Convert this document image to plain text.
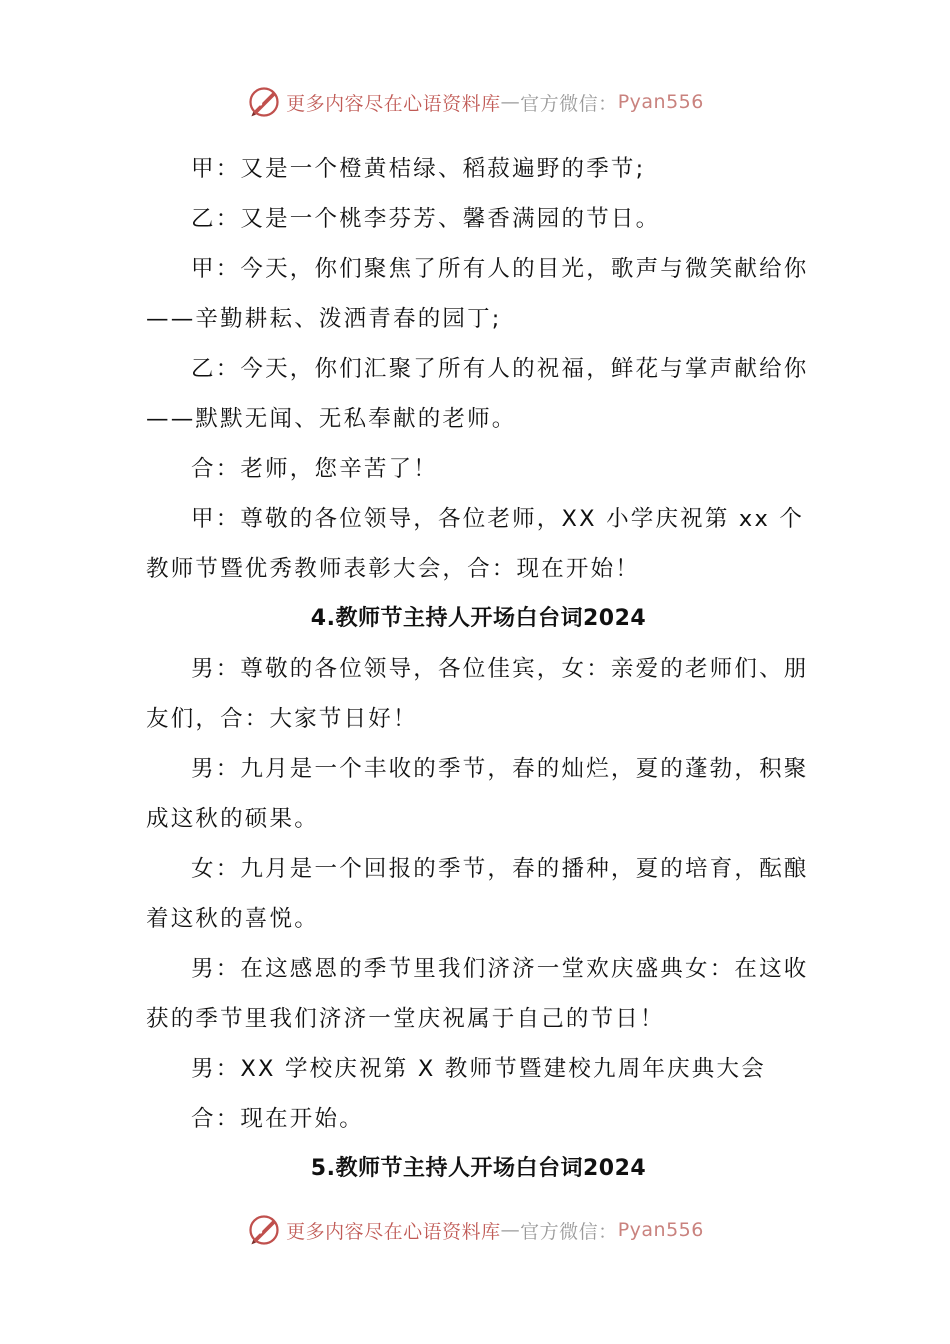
更多内容尽在心语资料库 — 官方微信： Pyan556

甲：又是一个橙黄桔绿、稻菽遍野的季节;

乙：又是一个桃李芬芳、馨香满园的节日。

甲：今天，你们聚焦了所有人的目光，歌声与微笑献给你——辛勤耕耘、泼洒青春的园丁;

乙：今天，你们汇聚了所有人的祝福，鲜花与掌声献给你——默默无闻、无私奉献的老师。

合：老师，您辛苦了！

甲：尊敬的各位领导，各位老师，XX 小学庆祝第 xx 个教师节暨优秀教师表彰大会，合：现在开始！

4.教师节主持人开场白台词2024

男：尊敬的各位领导，各位佳宾，女：亲爱的老师们、朋友们，合：大家节日好！

男：九月是一个丰收的季节，春的灿烂，夏的蓬勃，积聚成这秋的硕果。

女：九月是一个回报的季节，春的播种，夏的培育，酝酿着这秋的喜悦。

男：在这感恩的季节里我们济济一堂欢庆盛典女：在这收获的季节里我们济济一堂庆祝属于自己的节日！

男：XX 学校庆祝第 X 教师节暨建校九周年庆典大会

合：现在开始。

5.教师节主持人开场白台词2024

更多内容尽在心语资料库 — 官方微信： Pyan556
